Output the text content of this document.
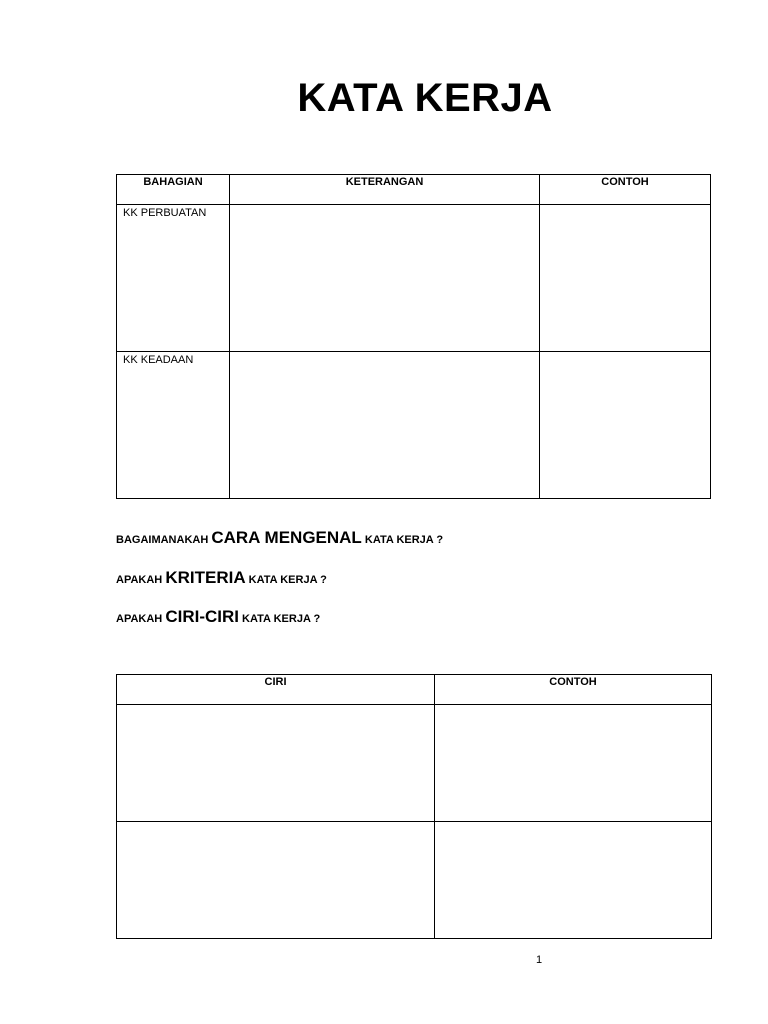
KATA KERJA
BAHAGIAN	KETERANGAN	CONTOH

KK PERBUATAN		

KK KEADAAN		

BAGAIMANAKAH CARA MENGENAL KATA KERJA ?
APAKAH KRITERIA KATA KERJA ?
APAKAH CIRI-CIRI KATA KERJA ?
CIRI	CONTOH

1
